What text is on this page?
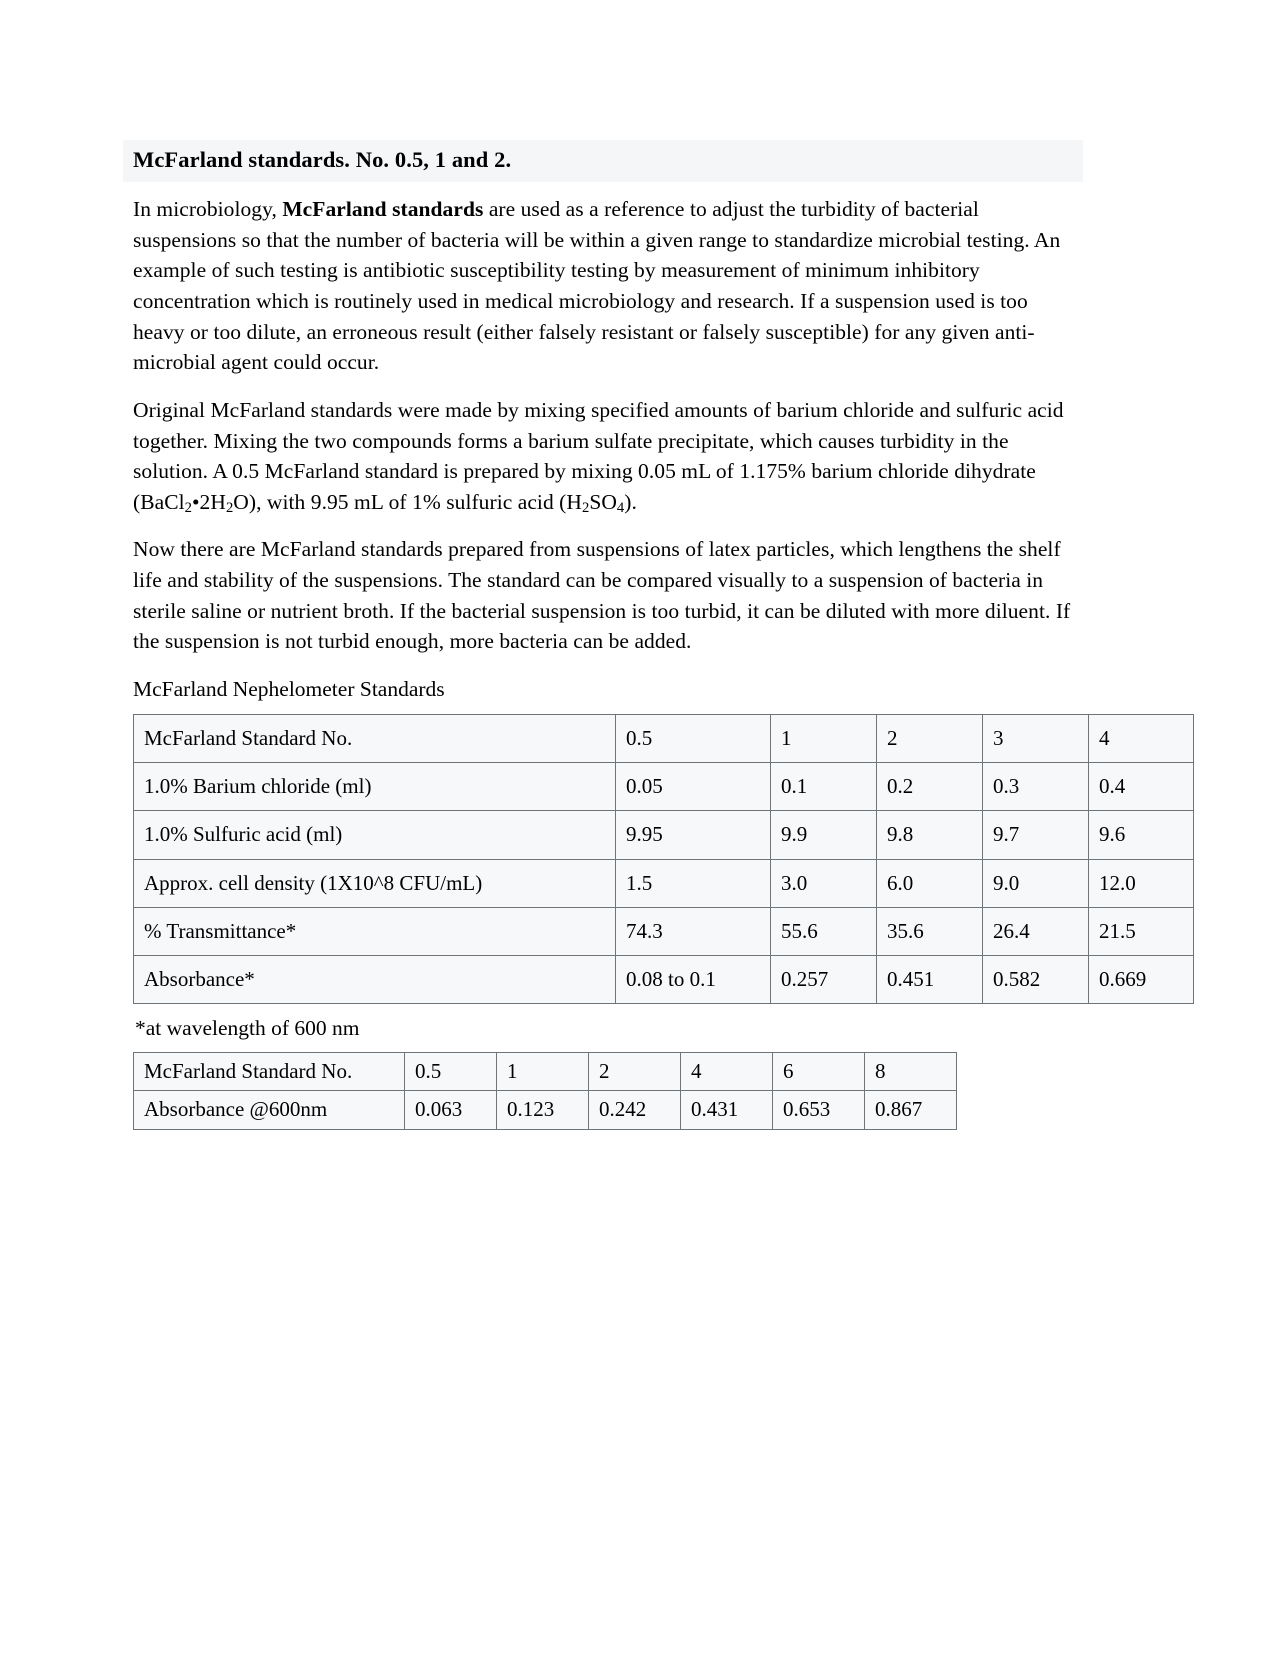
McFarland standards. No. 0.5, 1 and 2.

In microbiology, McFarland standards are used as a reference to adjust the turbidity of bacterial suspensions so that the number of bacteria will be within a given range to standardize microbial testing. An example of such testing is antibiotic susceptibility testing by measurement of minimum inhibitory concentration which is routinely used in medical microbiology and research. If a suspension used is too heavy or too dilute, an erroneous result (either falsely resistant or falsely susceptible) for any given anti-microbial agent could occur.

Original McFarland standards were made by mixing specified amounts of barium chloride and sulfuric acid together. Mixing the two compounds forms a barium sulfate precipitate, which causes turbidity in the solution. A 0.5 McFarland standard is prepared by mixing 0.05 mL of 1.175% barium chloride dihydrate $(BaCl_2•2H_2O)$, with 9.95 mL of 1% sulfuric acid $(H_2SO_4)$.

Now there are McFarland standards prepared from suspensions of latex particles, which lengthens the shelf life and stability of the suspensions. The standard can be compared visually to a suspension of bacteria in sterile saline or nutrient broth. If the bacterial suspension is too turbid, it can be diluted with more diluent. If the suspension is not turbid enough, more bacteria can be added.

McFarland Nephelometer Standards
McFarland Standard No.	0.5	1	2	3	4
1.0% Barium chloride (ml)	0.05	0.1	0.2	0.3	0.4
1.0% Sulfuric acid (ml)	9.95	9.9	9.8	9.7	9.6
Approx. cell density (1X10^8 CFU/mL)	1.5	3.0	6.0	9.0	12.0
% Transmittance*	74.3	55.6	35.6	26.4	21.5
Absorbance*	0.08 to 0.1	0.257	0.451	0.582	0.669
*at wavelength of 600 nm
McFarland Standard No.	0.5	1	2	4	6	8
Absorbance @600nm	0.063	0.123	0.242	0.431	0.653	0.867
